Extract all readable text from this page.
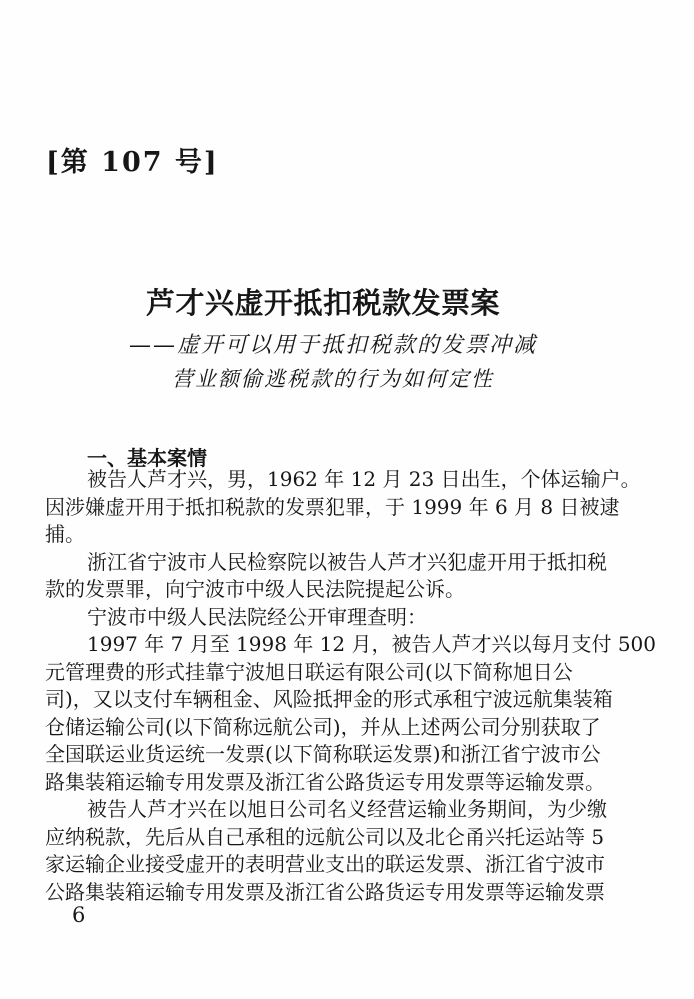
[第 107 号]
芦才兴虚开抵扣税款发票案
——虚开可以用于抵扣税款的发票冲减
营业额偷逃税款的行为如何定性
一、基本案情
被告人芦才兴，男，1962 年 12 月 23 日出生，个体运输户。
因涉嫌虚开用于抵扣税款的发票犯罪，于 1999 年 6 月 8 日被逮
捕。
浙江省宁波市人民检察院以被告人芦才兴犯虚开用于抵扣税
款的发票罪，向宁波市中级人民法院提起公诉。
宁波市中级人民法院经公开审理查明：
1997 年 7 月至 1998 年 12 月，被告人芦才兴以每月支付 500
元管理费的形式挂靠宁波旭日联运有限公司(以下简称旭日公
司)，又以支付车辆租金、风险抵押金的形式承租宁波远航集装箱
仓储运输公司(以下简称远航公司)，并从上述两公司分别获取了
全国联运业货运统一发票(以下简称联运发票)和浙江省宁波市公
路集装箱运输专用发票及浙江省公路货运专用发票等运输发票。
被告人芦才兴在以旭日公司名义经营运输业务期间，为少缴
应纳税款，先后从自己承租的远航公司以及北仑甬兴托运站等 5
家运输企业接受虚开的表明营业支出的联运发票、浙江省宁波市
公路集装箱运输专用发票及浙江省公路货运专用发票等运输发票
6
